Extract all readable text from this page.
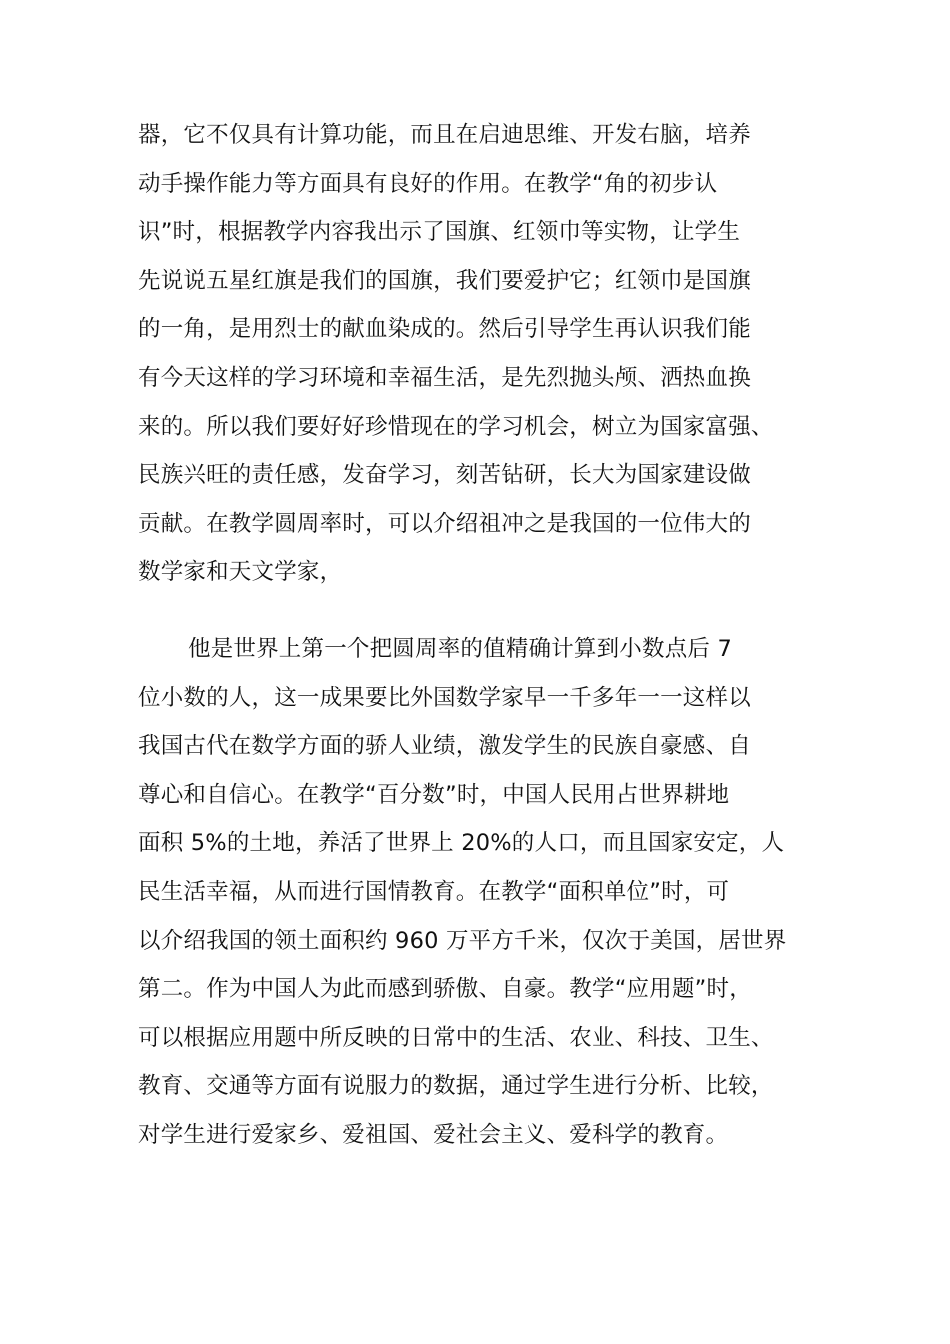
器，它不仅具有计算功能，而且在启迪思维、开发右脑，培养
动手操作能力等方面具有良好的作用。在教学“角的初步认
识”时，根据教学内容我出示了国旗、红领巾等实物，让学生
先说说五星红旗是我们的国旗，我们要爱护它；红领巾是国旗
的一角，是用烈士的献血染成的。然后引导学生再认识我们能
有今天这样的学习环境和幸福生活，是先烈抛头颅、洒热血换
来的。所以我们要好好珍惜现在的学习机会，树立为国家富强、
民族兴旺的责任感，发奋学习，刻苦钻研，长大为国家建设做
贡献。在教学圆周率时，可以介绍祖冲之是我国的一位伟大的
数学家和天文学家，
他是世界上第一个把圆周率的值精确计算到小数点后 7
位小数的人，这一成果要比外国数学家早一千多年一一这样以
我国古代在数学方面的骄人业绩，激发学生的民族自豪感、自
尊心和自信心。在教学“百分数”时，中国人民用占世界耕地
面积 5%的土地，养活了世界上 20%的人口，而且国家安定，人
民生活幸福，从而进行国情教育。在教学“面积单位”时，可
以介绍我国的领土面积约 960 万平方千米，仅次于美国，居世界
第二。作为中国人为此而感到骄傲、自豪。教学“应用题”时，
可以根据应用题中所反映的日常中的生活、农业、科技、卫生、
教育、交通等方面有说服力的数据，通过学生进行分析、比较，
对学生进行爱家乡、爱祖国、爱社会主义、爱科学的教育。
